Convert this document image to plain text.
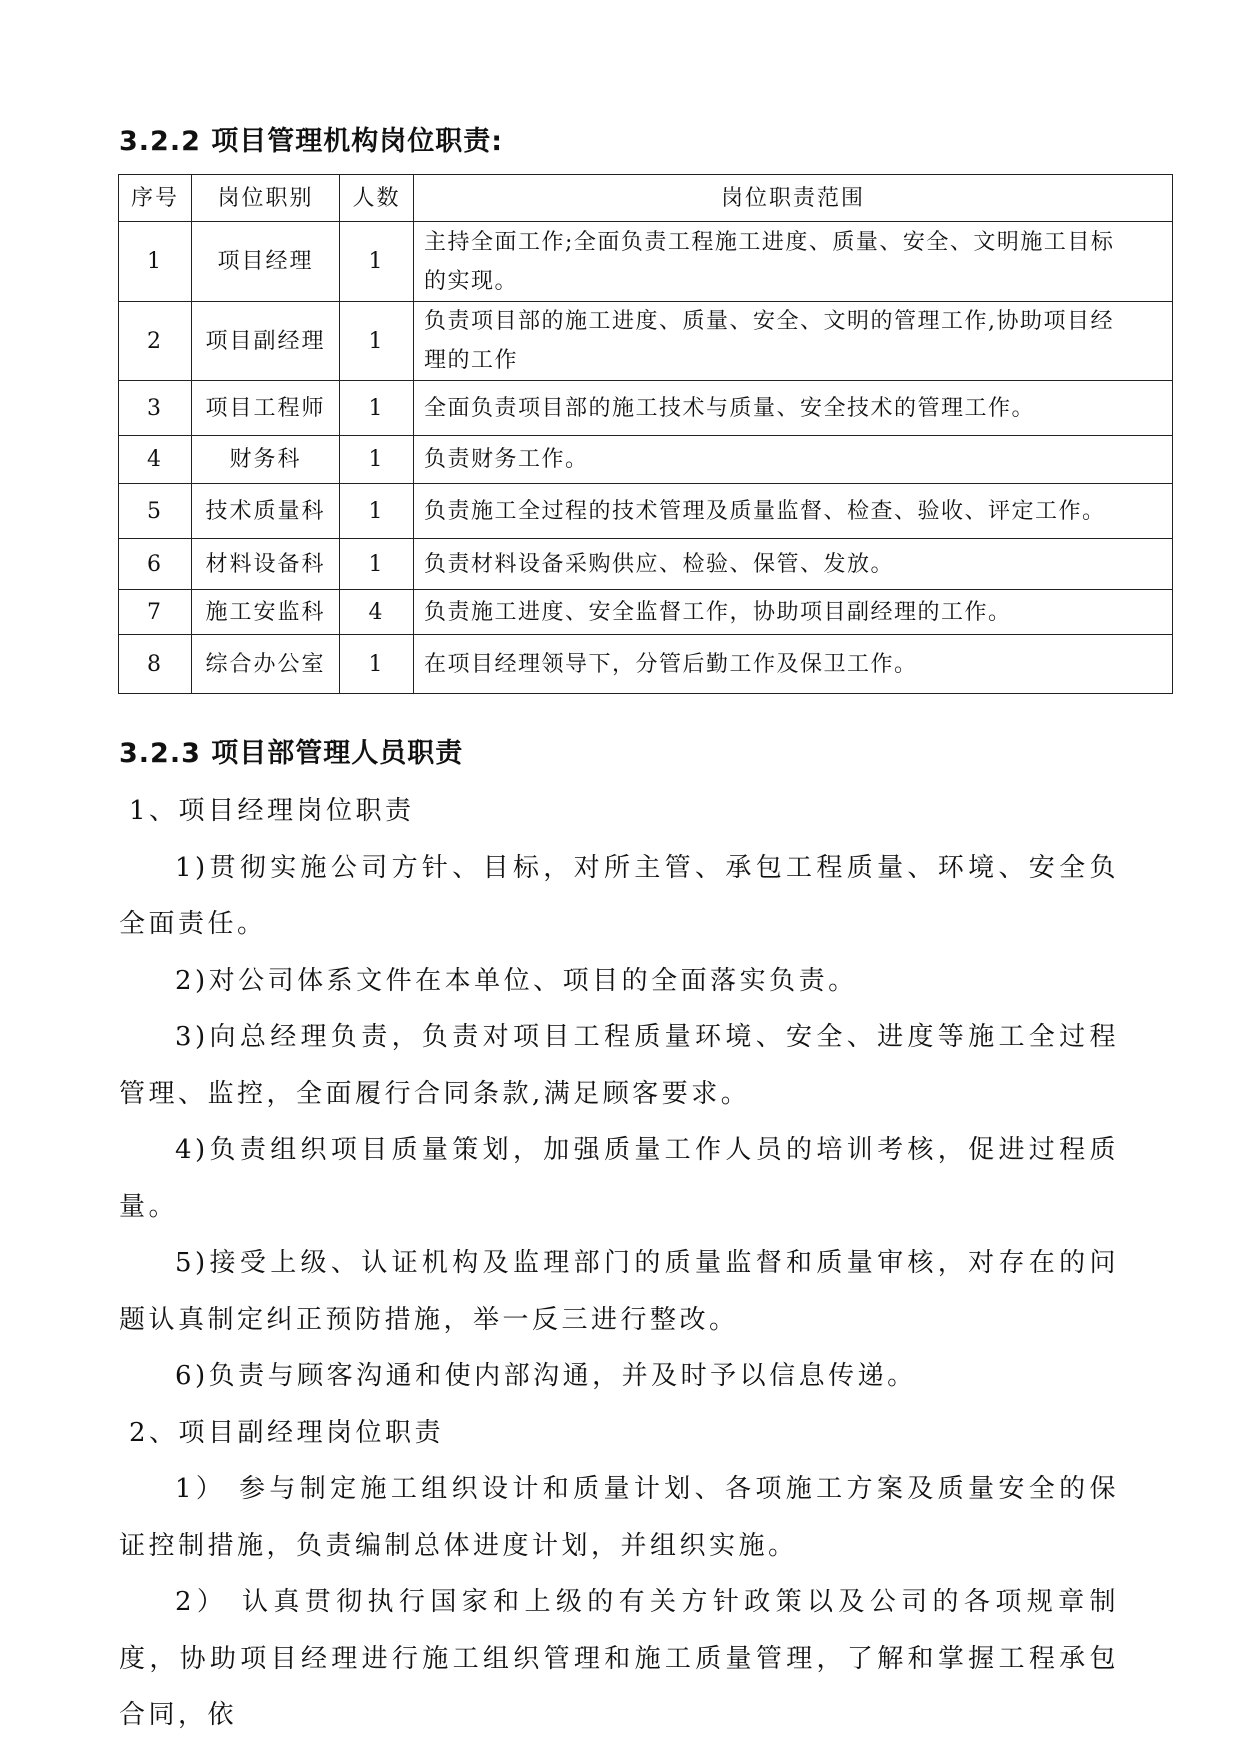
3.2.2 项目管理机构岗位职责:
序号	岗位职别	人数	岗位职责范围
1	项目经理	1	主持全面工作;全面负责工程施工进度、质量、安全、文明施工目标
的实现。

2	项目副经理	1	负责项目部的施工进度、质量、安全、文明的管理工作,协助项目经
理的工作

3	项目工程师	1	全面负责项目部的施工技术与质量、安全技术的管理工作。
4	财务科	1	负责财务工作。
5	技术质量科	1	负责施工全过程的技术管理及质量监督、检查、验收、评定工作。
6	材料设备科	1	负责材料设备采购供应、检验、保管、发放。
7	施工安监科	4	负责施工进度、安全监督工作，协助项目副经理的工作。
8	综合办公室	1	在项目经理领导下，分管后勤工作及保卫工作。
3.2.3 项目部管理人员职责

1、项目经理岗位职责

1)贯彻实施公司方针、目标，对所主管、承包工程质量、环境、安全负全面责任。

2)对公司体系文件在本单位、项目的全面落实负责。

3)向总经理负责，负责对项目工程质量环境、安全、进度等施工全过程管理、监控，全面履行合同条款,满足顾客要求。

4)负责组织项目质量策划，加强质量工作人员的培训考核，促进过程质量。

5)接受上级、认证机构及监理部门的质量监督和质量审核，对存在的问题认真制定纠正预防措施，举一反三进行整改。

6)负责与顾客沟通和使内部沟通，并及时予以信息传递。

2、项目副经理岗位职责

1） 参与制定施工组织设计和质量计划、各项施工方案及质量安全的保证控制措施，负责编制总体进度计划，并组织实施。

2） 认真贯彻执行国家和上级的有关方针政策以及公司的各项规章制度，协助项目经理进行施工组织管理和施工质量管理，了解和掌握工程承包合同，依
